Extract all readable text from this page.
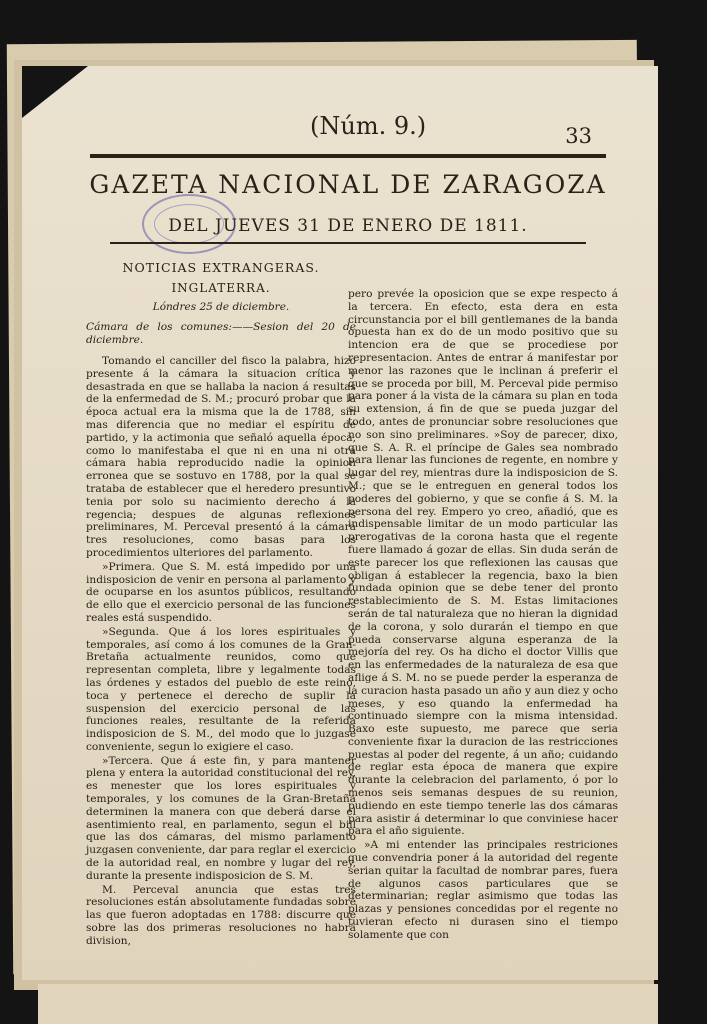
(Núm. 9.)	33
GAZETA NACIONAL DE ZARAGOZA
DEL JUEVES 31 DE ENERO DE 1811.
NOTICIAS EXTRANGERAS.
INGLATERRA.
Lóndres 25 de diciembre.
Cámara de los comunes:——Sesion del 20 de diciembre.

Tomando el canciller del fisco la palabra, hizo presente á la cámara la situacion crítica y desastrada en que se hallaba la nacion á resultas de la enfermedad de S. M.; procuró probar que la época actual era la misma que la de 1788, sin mas diferencia que no mediar el espíritu de partido, y la actimonia que señaló aquella época, como lo manifestaba el que ni en una ni otra cámara habia reproducido nadie la opinion erronea que se sostuvo en 1788, por la qual se trataba de establecer que el heredero presuntivo tenia por solo su nacimiento derecho á la regencia; despues de algunas reflexiones preliminares, M. Perceval presentó á la cámara tres resoluciones, como basas para los procedimientos ulteriores del parlamento.

»Primera. Que S. M. está impedido por una indisposicion de venir en persona al parlamento y de ocuparse en los asuntos públicos, resultando de ello que el exercicio personal de las funciones reales está suspendido.

»Segunda. Que á los lores espirituales y temporales, así como á los comunes de la Gran-Bretaña actualmente reunidos, como que representan completa, libre y legalmente todas las órdenes y estados del pueblo de este reino, toca y pertenece el derecho de suplir la suspension del exercicio personal de las funciones reales, resultante de la referida indisposicion de S. M., del modo que lo juzgase conveniente, segun lo exigiere el caso.

»Tercera. Que á este fin, y para mantener plena y entera la autoridad constitucional del rey, es menester que los lores espirituales y temporales, y los comunes de la Gran-Bretaña determinen la manera con que deberá darse el asentimiento real, en parlamento, segun el bill que las dos cámaras, del mismo parlamento juzgasen conveniente, dar para reglar el exercicio de la autoridad real, en nombre y lugar del rey, durante la presente indisposicion de S. M.

M. Perceval anuncia que estas tres resoluciones están absolutamente fundadas sobre las que fueron adoptadas en 1788: discurre que sobre las dos primeras resoluciones no habrá division,

pero prevée la oposicion que se expe respecto á la tercera. En efecto, esta dera en esta circunstancia por el bill gentlemanes de la banda opuesta han ex do de un modo positivo que su intencion era de que se procediese por representacion. Antes de entrar á manifestar por menor las razones que le inclinan á preferir el que se proceda por bill, M. Perceval pide permiso para poner á la vista de la cámara su plan en toda su extension, á fin de que se pueda juzgar del todo, antes de pronunciar sobre resoluciones que no son sino preliminares. »Soy de parecer, dixo, que S. A. R. el príncipe de Gales sea nombrado para llenar las funciones de regente, en nombre y lugar del rey, mientras dure la indisposicion de S. M.; que se le entreguen en general todos los poderes del gobierno, y que se confie á S. M. la persona del rey. Empero yo creo, añadió, que es indispensable limitar de un modo particular las prerogativas de la corona hasta que el regente fuere llamado á gozar de ellas. Sin duda serán de este parecer los que reflexionen las causas que obligan á establecer la regencia, baxo la bien fundada opinion que se debe tener del pronto restablecimiento de S. M. Estas limitaciones serán de tal naturaleza que no hieran la dignidad de la corona, y solo durarán el tiempo en que pueda conservarse alguna esperanza de la mejoría del rey. Os ha dicho el doctor Villis que en las enfermedades de la naturaleza de esa que aflige á S. M. no se puede perder la esperanza de la curacion hasta pasado un año y aun diez y ocho meses, y eso quando la enfermedad ha continuado siempre con la misma intensidad. Baxo este supuesto, me parece que seria conveniente fixar la duracion de las restricciones puestas al poder del regente, á un año; cuidando de reglar esta época de manera que expire durante la celebracion del parlamento, ó por lo menos seis semanas despues de su reunion, pudiendo en este tiempo tenerle las dos cámaras para asistir á determinar lo que conviniese hacer para el año siguiente.

»A mi entender las principales restriciones que convendria poner á la autoridad del regente serian quitar la facultad de nombrar pares, fuera de algunos casos particulares que se determinarian; reglar asimismo que todas las plazas y pensiones concedidas por el regente no tuvieran efecto ni durasen sino el tiempo solamente que con
